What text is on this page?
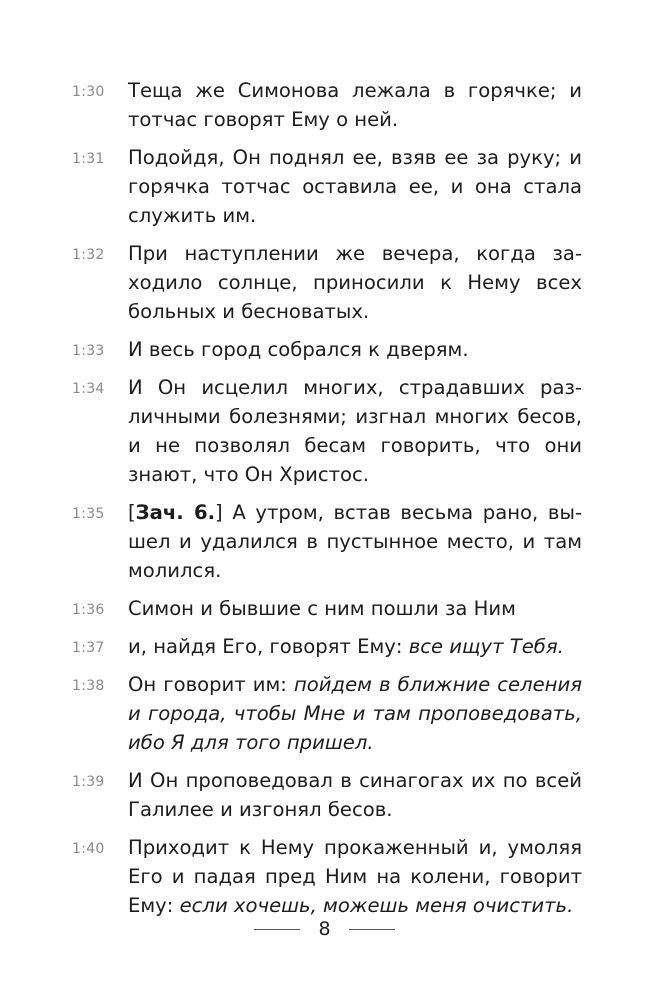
1:30	Теща же Симонова лежала в горячке; и тотчас говорят Ему о ней.
1:31	Подойдя, Он поднял ее, взяв ее за руку; и горячка тотчас оставила ее, и она стала служить им.
1:32	При наступлении же вечера, когда заходило солнце, приносили к Нему всех больных и бесноватых.
1:33	И весь город собрался к дверям.
1:34	И Он исцелил многих, страдавших различными болезнями; изгнал многих бесов, и не позволял бесам говорить, что они знают, что Он Христос.
1:35	[Зач. 6.] А утром, встав весьма рано, вышел и удалился в пустынное место, и там молился.
1:36	Симон и бывшие с ним пошли за Ним
1:37	и, найдя Его, говорят Ему: все ищут Тебя.
1:38	Он говорит им: пойдем в ближние селения и города, чтобы Мне и там проповедовать, ибо Я для того пришел.
1:39	И Он проповедовал в синагогах их по всей Галилее и изгонял бесов.
1:40	Приходит к Нему прокаженный и, умоляя Его и падая пред Ним на колени, говорит Ему: если хочешь, можешь меня очистить.
8
